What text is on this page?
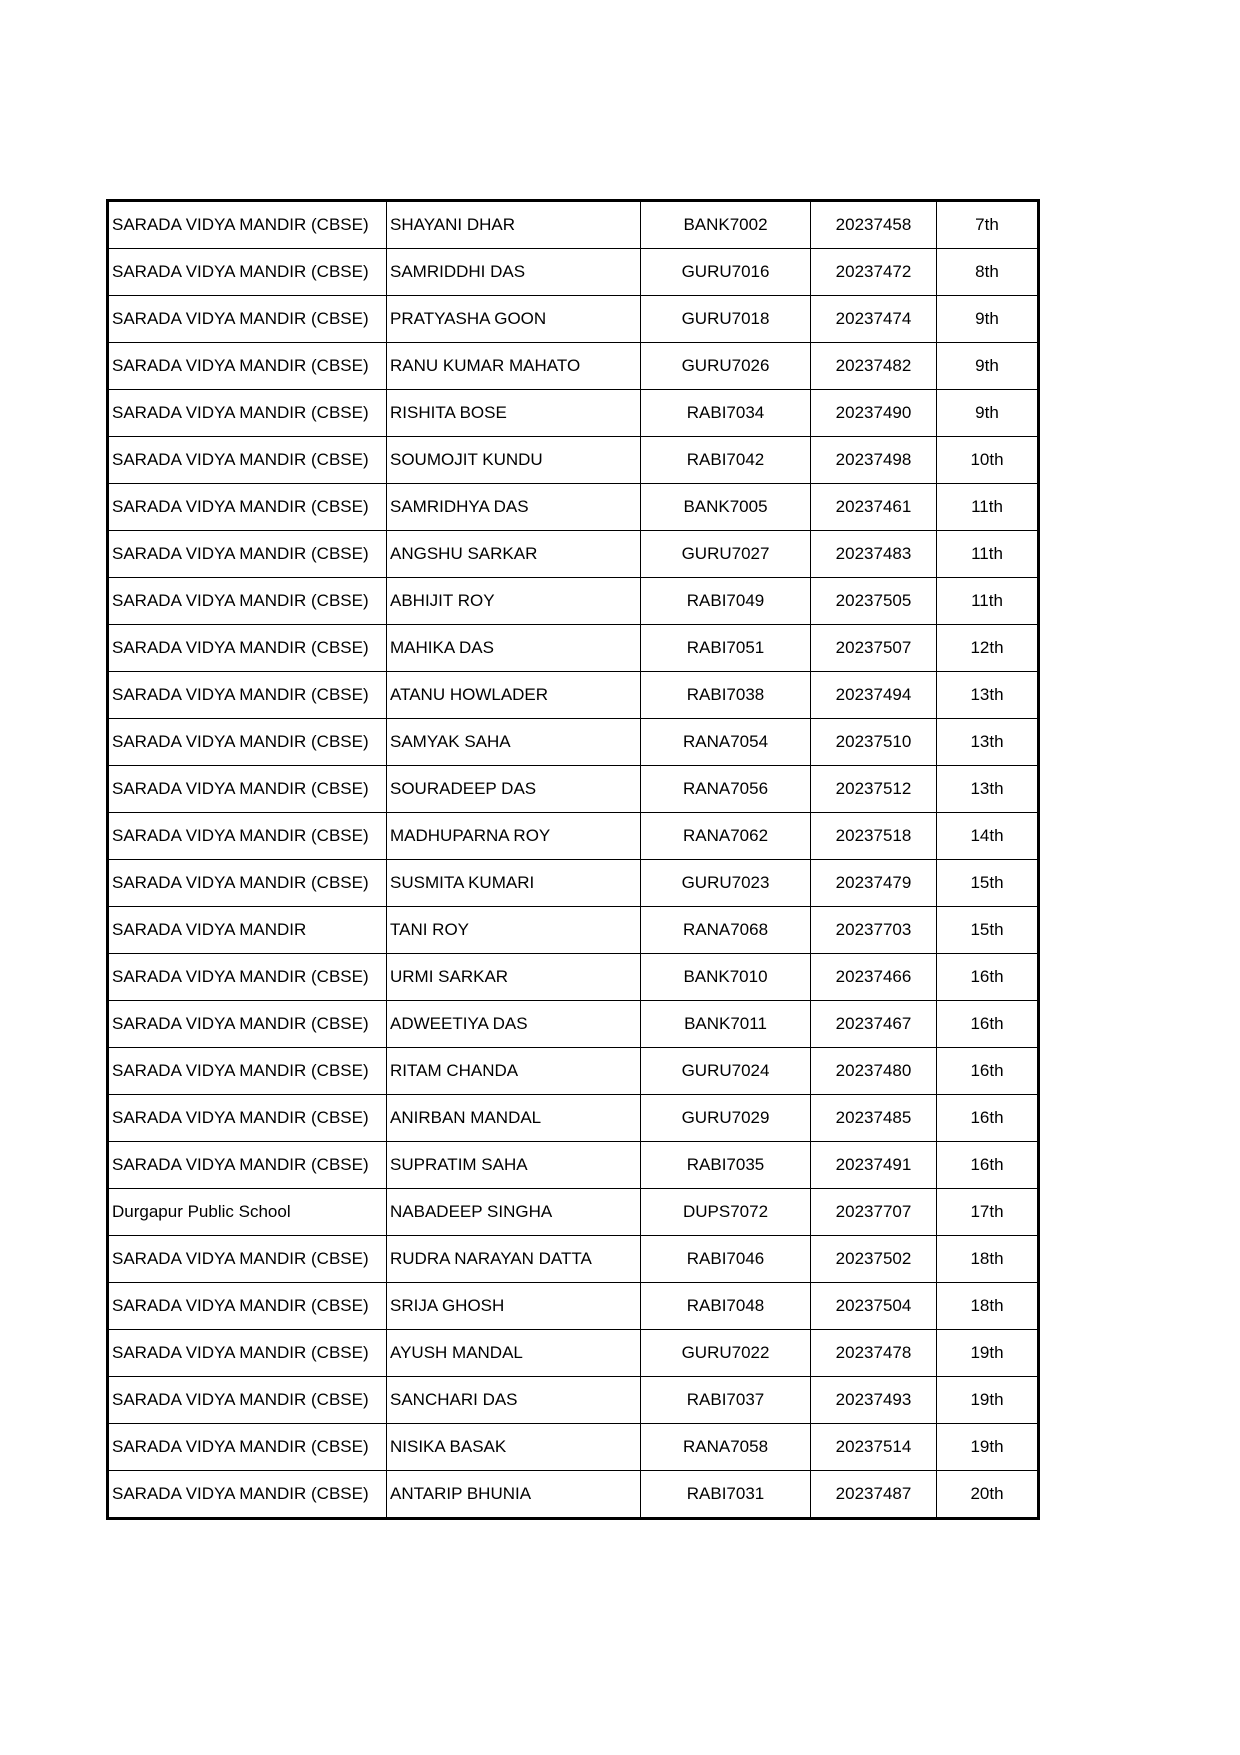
SARADA VIDYA MANDIR (CBSE)	SHAYANI DHAR	BANK7002	20237458	7th
SARADA VIDYA MANDIR (CBSE)	SAMRIDDHI DAS	GURU7016	20237472	8th
SARADA VIDYA MANDIR (CBSE)	PRATYASHA GOON	GURU7018	20237474	9th
SARADA VIDYA MANDIR (CBSE)	RANU KUMAR MAHATO	GURU7026	20237482	9th
SARADA VIDYA MANDIR (CBSE)	RISHITA BOSE	RABI7034	20237490	9th
SARADA VIDYA MANDIR (CBSE)	SOUMOJIT KUNDU	RABI7042	20237498	10th
SARADA VIDYA MANDIR (CBSE)	SAMRIDHYA DAS	BANK7005	20237461	11th
SARADA VIDYA MANDIR (CBSE)	ANGSHU SARKAR	GURU7027	20237483	11th
SARADA VIDYA MANDIR (CBSE)	ABHIJIT ROY	RABI7049	20237505	11th
SARADA VIDYA MANDIR (CBSE)	MAHIKA DAS	RABI7051	20237507	12th
SARADA VIDYA MANDIR (CBSE)	ATANU HOWLADER	RABI7038	20237494	13th
SARADA VIDYA MANDIR (CBSE)	SAMYAK SAHA	RANA7054	20237510	13th
SARADA VIDYA MANDIR (CBSE)	SOURADEEP DAS	RANA7056	20237512	13th
SARADA VIDYA MANDIR (CBSE)	MADHUPARNA ROY	RANA7062	20237518	14th
SARADA VIDYA MANDIR (CBSE)	SUSMITA KUMARI	GURU7023	20237479	15th
SARADA VIDYA MANDIR	TANI ROY	RANA7068	20237703	15th
SARADA VIDYA MANDIR (CBSE)	URMI SARKAR	BANK7010	20237466	16th
SARADA VIDYA MANDIR (CBSE)	ADWEETIYA DAS	BANK7011	20237467	16th
SARADA VIDYA MANDIR (CBSE)	RITAM CHANDA	GURU7024	20237480	16th
SARADA VIDYA MANDIR (CBSE)	ANIRBAN MANDAL	GURU7029	20237485	16th
SARADA VIDYA MANDIR (CBSE)	SUPRATIM SAHA	RABI7035	20237491	16th
Durgapur Public School	NABADEEP SINGHA	DUPS7072	20237707	17th
SARADA VIDYA MANDIR (CBSE)	RUDRA NARAYAN DATTA	RABI7046	20237502	18th
SARADA VIDYA MANDIR (CBSE)	SRIJA GHOSH	RABI7048	20237504	18th
SARADA VIDYA MANDIR (CBSE)	AYUSH MANDAL	GURU7022	20237478	19th
SARADA VIDYA MANDIR (CBSE)	SANCHARI DAS	RABI7037	20237493	19th
SARADA VIDYA MANDIR (CBSE)	NISIKA BASAK	RANA7058	20237514	19th
SARADA VIDYA MANDIR (CBSE)	ANTARIP BHUNIA	RABI7031	20237487	20th
